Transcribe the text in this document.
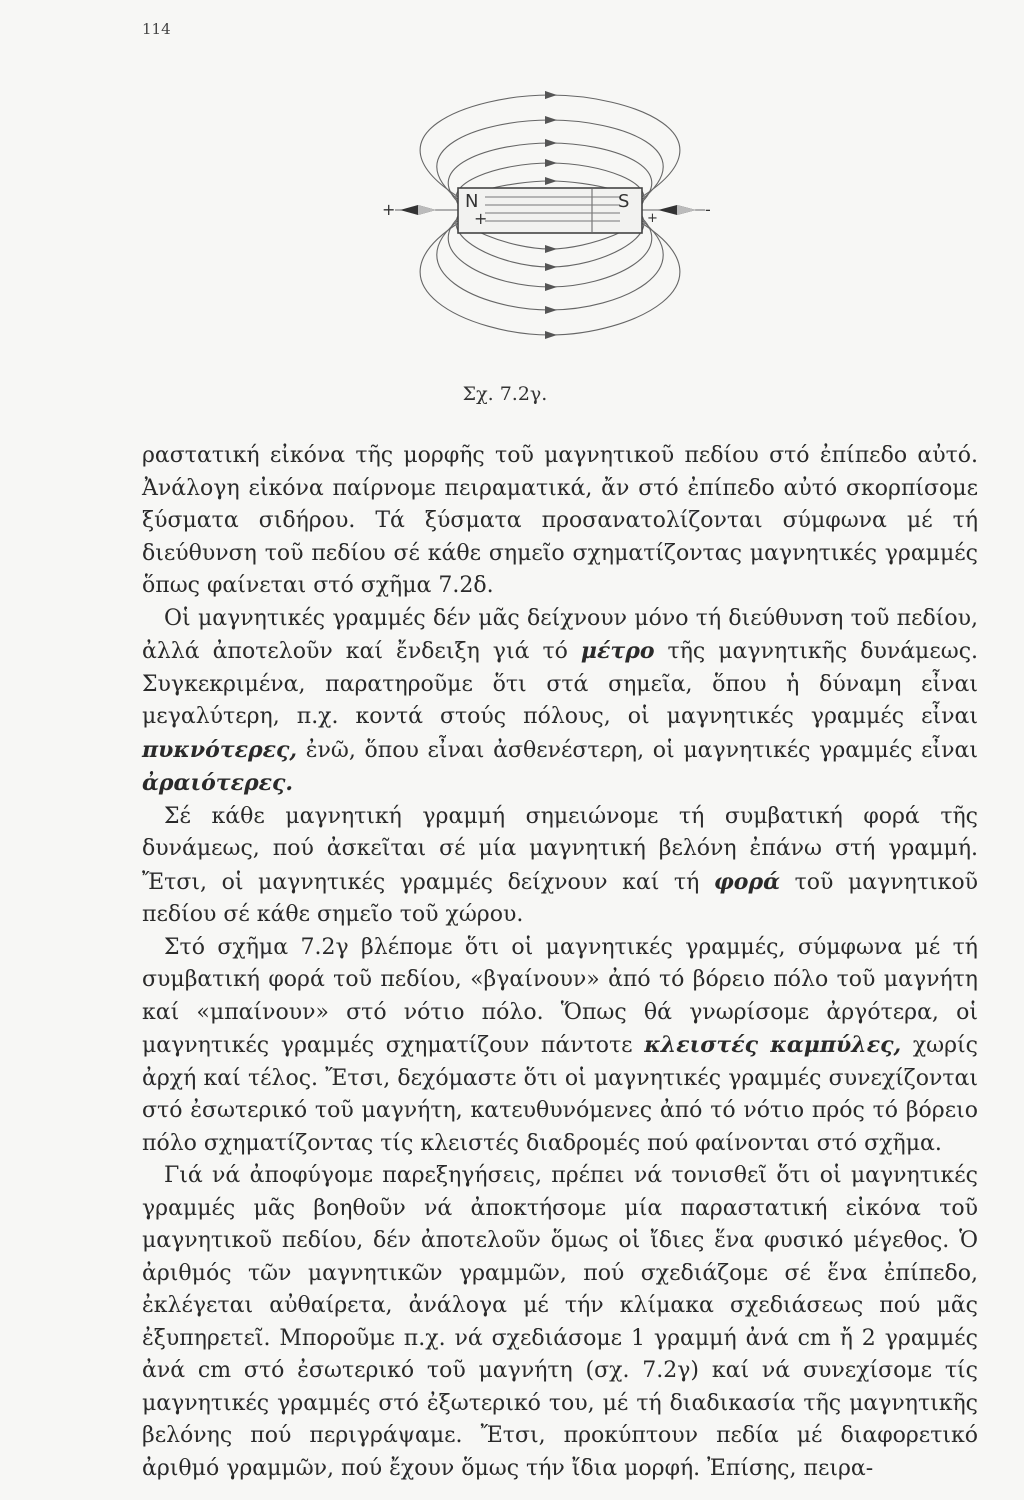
114
N	S
+	+
+	-
Σχ. 7.2γ.

ραστατική εἰκόνα τῆς μορφῆς τοῦ μαγνητικοῦ πεδίου στό ἐπίπεδο αὐτό. Ἀνάλογη εἰκόνα παίρνομε πειραματικά, ἄν στό ἐπίπεδο αὐτό σκορπίσομε ξύσματα σιδήρου. Τά ξύσματα προσανατολίζονται σύμφωνα μέ τή διεύθυνση τοῦ πεδίου σέ κάθε σημεῖο σχηματίζοντας μαγνητικές γραμμές ὅπως φαίνεται στό σχῆμα 7.2δ.

Οἱ μαγνητικές γραμμές δέν μᾶς δείχνουν μόνο τή διεύθυνση τοῦ πεδίου, ἀλλά ἀποτελοῦν καί ἔνδειξη γιά τό μέτρο τῆς μαγνητικῆς δυνάμεως. Συγκεκριμένα, παρατηροῦμε ὅτι στά σημεῖα, ὅπου ἡ δύναμη εἶναι μεγαλύτερη, π.χ. κοντά στούς πόλους, οἱ μαγνητικές γραμμές εἶναι πυκνότερες, ἐνῶ, ὅπου εἶναι ἀσθενέστερη, οἱ μαγνητικές γραμμές εἶναι ἀραιότερες.

Σέ κάθε μαγνητική γραμμή σημειώνομε τή συμβατική φορά τῆς δυνάμεως, πού ἀσκεῖται σέ μία μαγνητική βελόνη ἐπάνω στή γραμμή. Ἔτσι, οἱ μαγνητικές γραμμές δείχνουν καί τή φορά τοῦ μαγνητικοῦ πεδίου σέ κάθε σημεῖο τοῦ χώρου.

Στό σχῆμα 7.2γ βλέπομε ὅτι οἱ μαγνητικές γραμμές, σύμφωνα μέ τή συμβατική φορά τοῦ πεδίου, «βγαίνουν» ἀπό τό βόρειο πόλο τοῦ μαγνήτη καί «μπαίνουν» στό νότιο πόλο. Ὅπως θά γνωρίσομε ἀργότερα, οἱ μαγνητικές γραμμές σχηματίζουν πάντοτε κλειστές καμπύλες, χωρίς ἀρχή καί τέλος. Ἔτσι, δεχόμαστε ὅτι οἱ μαγνητικές γραμμές συνεχίζονται στό ἐσωτερικό τοῦ μαγνήτη, κατευθυνόμενες ἀπό τό νότιο πρός τό βόρειο πόλο σχηματίζοντας τίς κλειστές διαδρομές πού φαίνονται στό σχῆμα.

Γιά νά ἀποφύγομε παρεξηγήσεις, πρέπει νά τονισθεῖ ὅτι οἱ μαγνητικές γραμμές μᾶς βοηθοῦν νά ἀποκτήσομε μία παραστατική εἰκόνα τοῦ μαγνητικοῦ πεδίου, δέν ἀποτελοῦν ὅμως οἱ ἴδιες ἕνα φυσικό μέγεθος. Ὁ ἀριθμός τῶν μαγνητικῶν γραμμῶν, πού σχεδιάζομε σέ ἕνα ἐπίπεδο, ἐκλέγεται αὐθαίρετα, ἀνάλογα μέ τήν κλίμακα σχεδιάσεως πού μᾶς ἐξυπηρετεῖ. Μποροῦμε π.χ. νά σχεδιάσομε 1 γραμμή ἀνά cm ἤ 2 γραμμές ἀνά cm στό ἐσωτερικό τοῦ μαγνήτη (σχ. 7.2γ) καί νά συνεχίσομε τίς μαγνητικές γραμμές στό ἐξωτερικό του, μέ τή διαδικασία τῆς μαγνητικῆς βελόνης πού περιγράψαμε. Ἔτσι, προκύπτουν πεδία μέ διαφορετικό ἀριθμό γραμμῶν, πού ἔχουν ὅμως τήν ἴδια μορφή. Ἐπίσης, πειρα-
